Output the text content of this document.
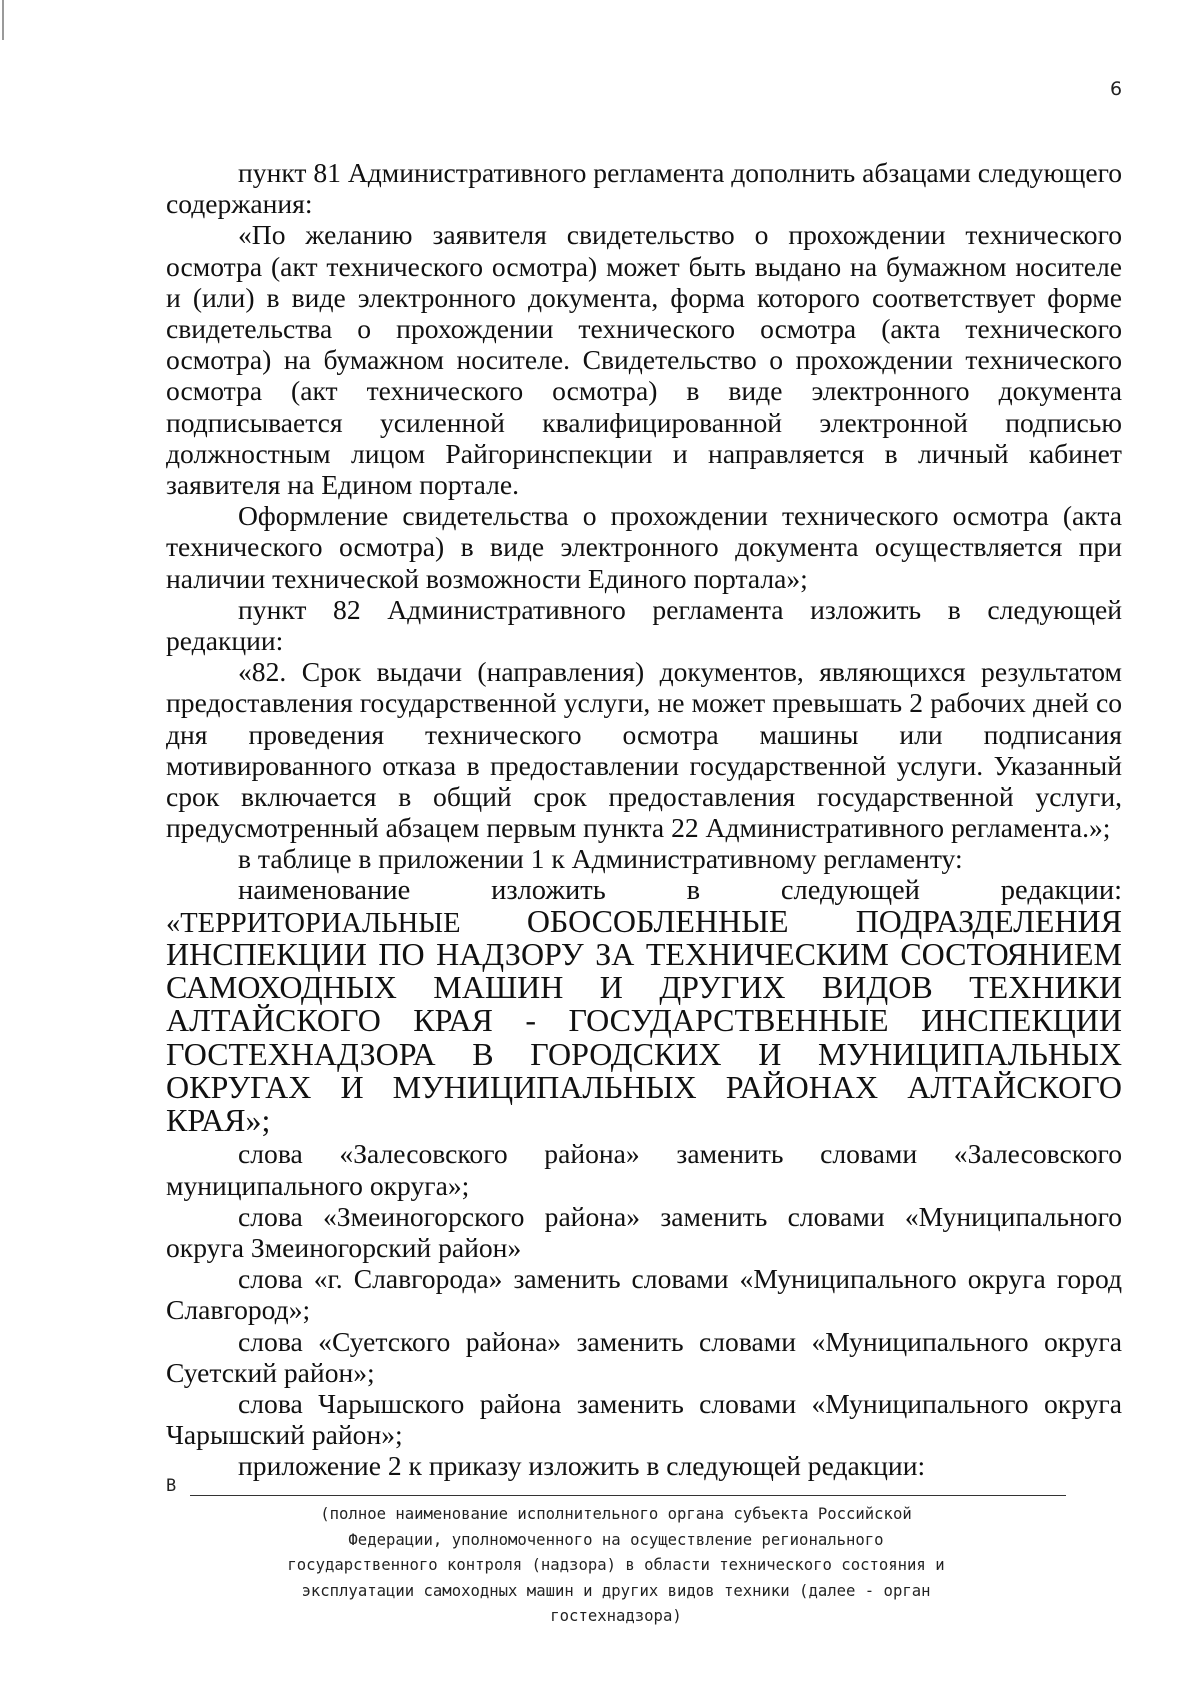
6

пункт 81 Административного регламента дополнить абзацами следующего содержания:

«По желанию заявителя свидетельство о прохождении технического осмотра (акт технического осмотра) может быть выдано на бумажном носителе и (или) в виде электронного документа, форма которого соответствует форме свидетельства о прохождении технического осмотра (акта технического осмотра) на бумажном носителе. Свидетельство о прохождении технического осмотра (акт технического осмотра) в виде электронного документа подписывается усиленной квалифицированной электронной подписью должностным лицом Райгоринспекции и направляется в личный кабинет заявителя на Едином портале.

Оформление свидетельства о прохождении технического осмотра (акта технического осмотра) в виде электронного документа осуществляется при наличии технической возможности Единого портала»;

пункт 82 Административного регламента изложить в следующей редакции:

«82. Срок выдачи (направления) документов, являющихся результатом предоставления государственной услуги, не может превышать 2 рабочих дней со дня проведения технического осмотра машины или подписания мотивированного отказа в предоставлении государственной услуги. Указанный срок включается в общий срок предоставления государственной услуги, предусмотренный абзацем первым пункта 22 Административного регламента.»;

в таблице в приложении 1 к Административному регламенту:

наименование изложить в следующей редакции: «ТЕРРИТОРИАЛЬНЫЕ ОБОСОБЛЕННЫЕ ПОДРАЗДЕЛЕНИЯ ИНСПЕКЦИИ ПО НАДЗОРУ ЗА ТЕХНИЧЕСКИМ СОСТОЯНИЕМ САМОХОДНЫХ МАШИН И ДРУГИХ ВИДОВ ТЕХНИКИ АЛТАЙСКОГО КРАЯ - ГОСУДАРСТВЕННЫЕ ИНСПЕКЦИИ ГОСТЕХНАДЗОРА В ГОРОДСКИХ И МУНИЦИПАЛЬНЫХ ОКРУГАХ И МУНИЦИПАЛЬНЫХ РАЙОНАХ АЛТАЙСКОГО КРАЯ»;

слова «Залесовского района» заменить словами «Залесовского муниципального округа»;

слова «Змеиногорского района» заменить словами «Муниципального округа Змеиногорский район»

слова «г. Славгорода» заменить словами «Муниципального округа город Славгород»;

слова «Суетского района» заменить словами «Муниципального округа Суетский район»;

слова Чарышского района заменить словами «Муниципального округа Чарышский район»;

приложение 2 к приказу изложить в следующей редакции:

В
(полное наименование исполнительного органа субъекта Российской
Федерации, уполномоченного на осуществление регионального
государственного контроля (надзора) в области технического состояния и
эксплуатации самоходных машин и других видов техники (далее - орган
гостехнадзора)
